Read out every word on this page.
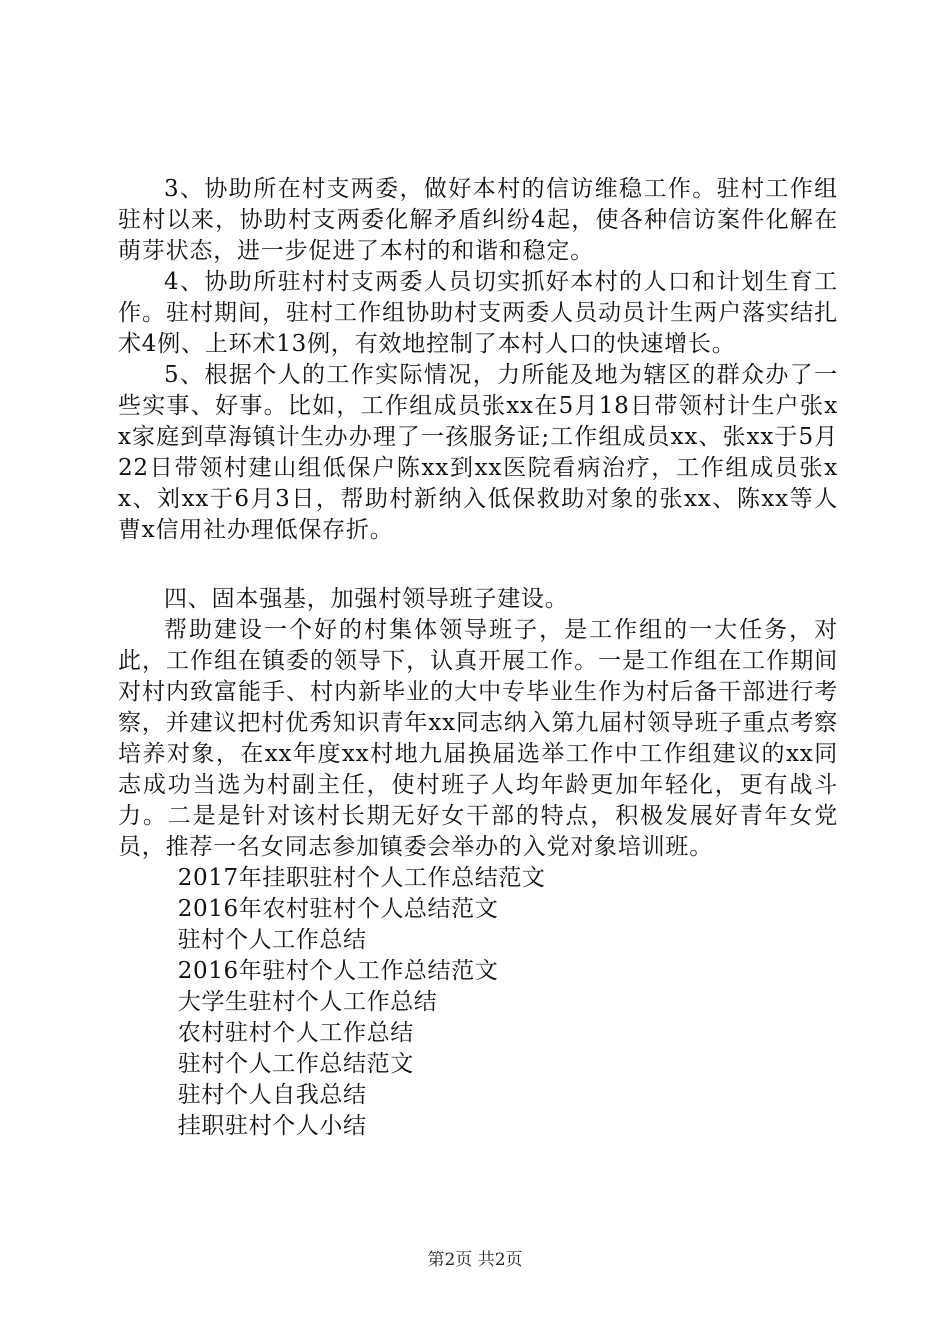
3、协助所在村支两委，做好本村的信访维稳工作。驻村工作组驻村以来，协助村支两委化解矛盾纠纷4起，使各种信访案件化解在萌芽状态，进一步促进了本村的和谐和稳定。

4、协助所驻村村支两委人员切实抓好本村的人口和计划生育工作。驻村期间，驻村工作组协助村支两委人员动员计生两户落实结扎术4例、上环术13例，有效地控制了本村人口的快速增长。

5、根据个人的工作实际情况，力所能及地为辖区的群众办了一些实事、好事。比如，工作组成员张xx在5月18日带领村计生户张xx家庭到草海镇计生办办理了一孩服务证;工作组成员xx、张xx于5月22日带领村建山组低保户陈xx到xx医院看病治疗，工作组成员张xx、刘xx于6月3日，帮助村新纳入低保救助对象的张xx、陈xx等人曹x信用社办理低保存折。

四、固本强基，加强村领导班子建设。

帮助建设一个好的村集体领导班子，是工作组的一大任务，对此，工作组在镇委的领导下，认真开展工作。一是工作组在工作期间对村内致富能手、村内新毕业的大中专毕业生作为村后备干部进行考察，并建议把村优秀知识青年xx同志纳入第九届村领导班子重点考察培养对象，在xx年度xx村地九届换届选举工作中工作组建议的xx同志成功当选为村副主任，使村班子人均年龄更加年轻化，更有战斗力。二是是针对该村长期无好女干部的特点，积极发展好青年女党员，推荐一名女同志参加镇委会举办的入党对象培训班。

2017年挂职驻村个人工作总结范文
2016年农村驻村个人总结范文
驻村个人工作总结
2016年驻村个人工作总结范文
大学生驻村个人工作总结
农村驻村个人工作总结
驻村个人工作总结范文
驻村个人自我总结
挂职驻村个人小结
第2页 共2页
